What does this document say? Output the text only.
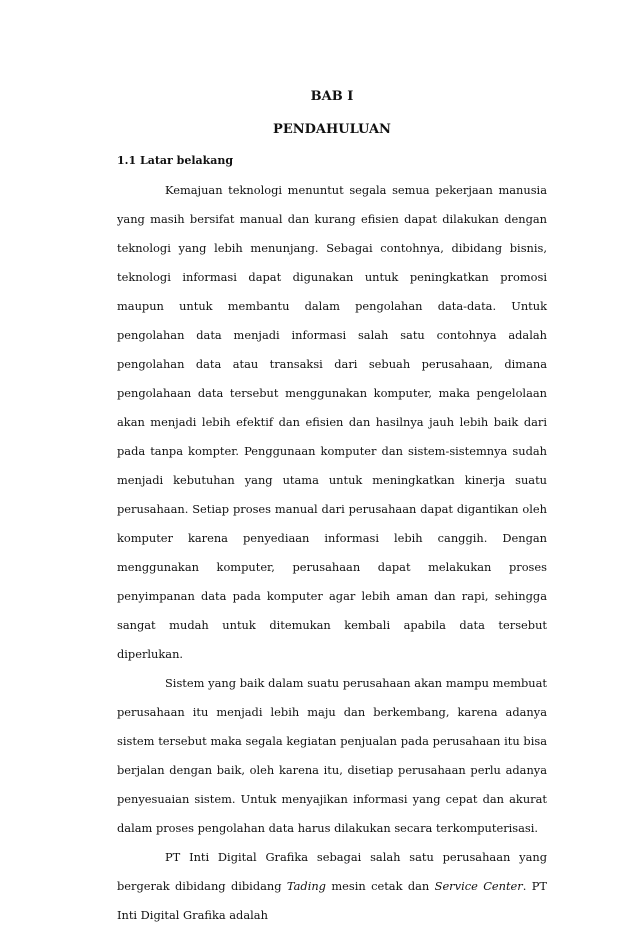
BAB I
PENDAHULUAN
1.1 Latar belakang

Kemajuan teknologi menuntut segala semua pekerjaan manusia yang masih bersifat manual dan kurang efisien dapat dilakukan dengan teknologi yang lebih menunjang. Sebagai contohnya, dibidang bisnis, teknologi informasi dapat digunakan untuk peningkatkan promosi maupun untuk membantu dalam pengolahan data-data. Untuk pengolahan data menjadi informasi salah satu contohnya adalah pengolahan data atau transaksi dari sebuah perusahaan, dimana pengolahaan data tersebut menggunakan komputer, maka pengelolaan akan menjadi lebih efektif dan efisien dan hasilnya jauh lebih baik dari pada tanpa kompter. Penggunaan komputer dan sistem-sistemnya sudah menjadi kebutuhan yang utama untuk meningkatkan kinerja suatu perusahaan. Setiap proses manual dari perusahaan dapat digantikan oleh komputer karena penyediaan informasi lebih canggih. Dengan menggunakan komputer, perusahaan dapat melakukan proses penyimpanan data pada komputer agar lebih aman dan rapi, sehingga sangat mudah untuk ditemukan kembali apabila data tersebut diperlukan.

Sistem yang baik dalam suatu perusahaan akan mampu membuat perusahaan itu menjadi lebih maju dan berkembang, karena adanya sistem tersebut maka segala kegiatan penjualan pada perusahaan itu bisa berjalan dengan baik, oleh karena itu, disetiap perusahaan perlu adanya penyesuaian sistem. Untuk menyajikan informasi yang cepat dan akurat dalam proses pengolahan data harus dilakukan secara terkomputerisasi.

PT Inti Digital Grafika sebagai salah satu perusahaan yang bergerak dibidang dibidang Tading mesin cetak dan Service Center. PT Inti Digital Grafika adalah
